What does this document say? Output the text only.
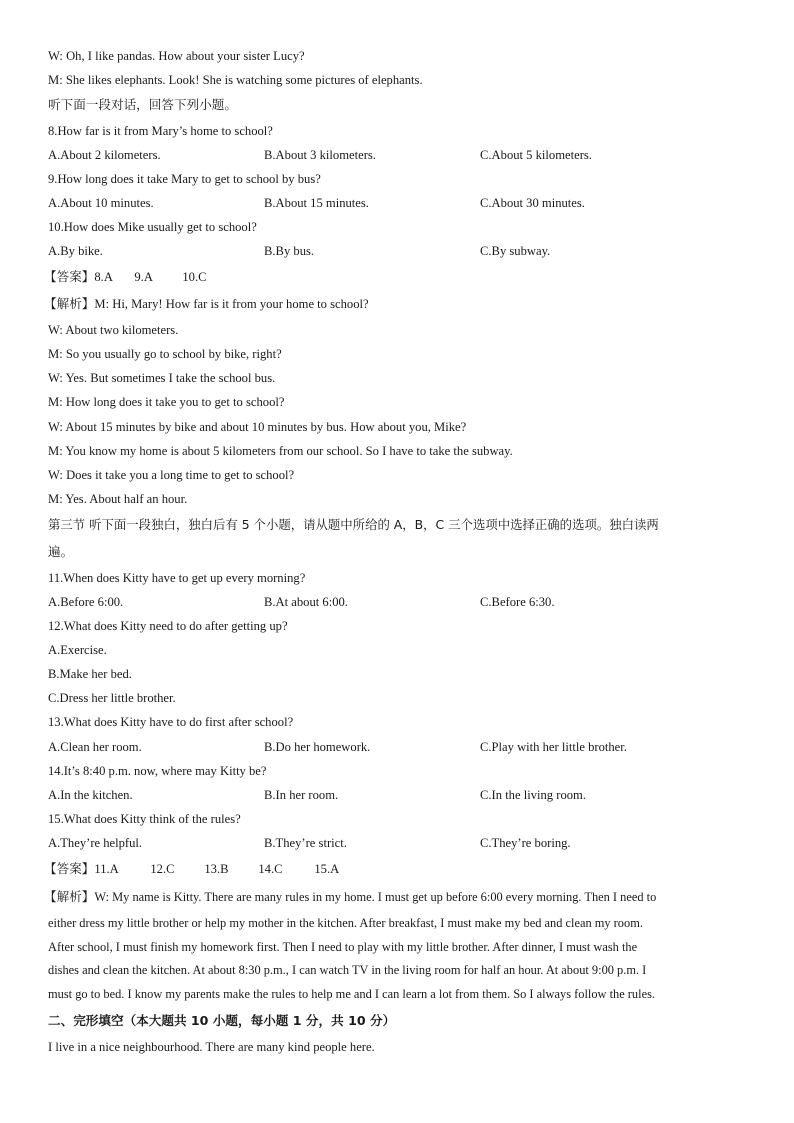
W: Oh, I like pandas. How about your sister Lucy?
M: She likes elephants. Look! She is watching some pictures of elephants.
听下面一段对话，回答下列小题。
8.How far is it from Mary’s home to school?
A.About 2 kilometers.	B.About 3 kilometers.	C.About 5 kilometers.
9.How long does it take Mary to get to school by bus?
A.About 10 minutes.	B.About 15 minutes.	C.About 30 minutes.
10.How does Mike usually get to school?
A.By bike.	B.By bus.	C.By subway.
【答案】8.A 9.A 10.C
【解析】M: Hi, Mary! How far is it from your home to school?
W: About two kilometers.
M: So you usually go to school by bike, right?
W: Yes. But sometimes I take the school bus.
M: How long does it take you to get to school?
W: About 15 minutes by bike and about 10 minutes by bus. How about you, Mike?
M: You know my home is about 5 kilometers from our school. So I have to take the subway.
W: Does it take you a long time to get to school?
M: Yes. About half an hour.
第三节 听下面一段独白，独白后有 5 个小题，请从题中所给的 A，B，C 三个选项中选择正确的选项。独白读两
遍。
11.When does Kitty have to get up every morning?
A.Before 6:00.	B.At about 6:00.	C.Before 6:30.
12.What does Kitty need to do after getting up?
A.Exercise.
B.Make her bed.
C.Dress her little brother.
13.What does Kitty have to do first after school?
A.Clean her room.	B.Do her homework.	C.Play with her little brother.
14.It’s 8:40 p.m. now, where may Kitty be?
A.In the kitchen.	B.In her room.	C.In the living room.
15.What does Kitty think of the rules?
A.They’re helpful.	B.They’re strict.	C.They’re boring.
【答案】11.A	12.C 13.B 14.C	15.A
【解析】W: My name is Kitty. There are many rules in my home. I must get up before 6:00 every morning. Then I need to
either dress my little brother or help my mother in the kitchen. After breakfast, I must make my bed and clean my room.
After school, I must finish my homework first. Then I need to play with my little brother. After dinner, I must wash the
dishes and clean the kitchen. At about 8:30 p.m., I can watch TV in the living room for half an hour. At about 9:00 p.m. I
must go to bed. I know my parents make the rules to help me and I can learn a lot from them. So I always follow the rules.
二、完形填空（本大题共 10 小题，每小题 1 分，共 10 分）
I live in a nice neighbourhood. There are many kind people here.
